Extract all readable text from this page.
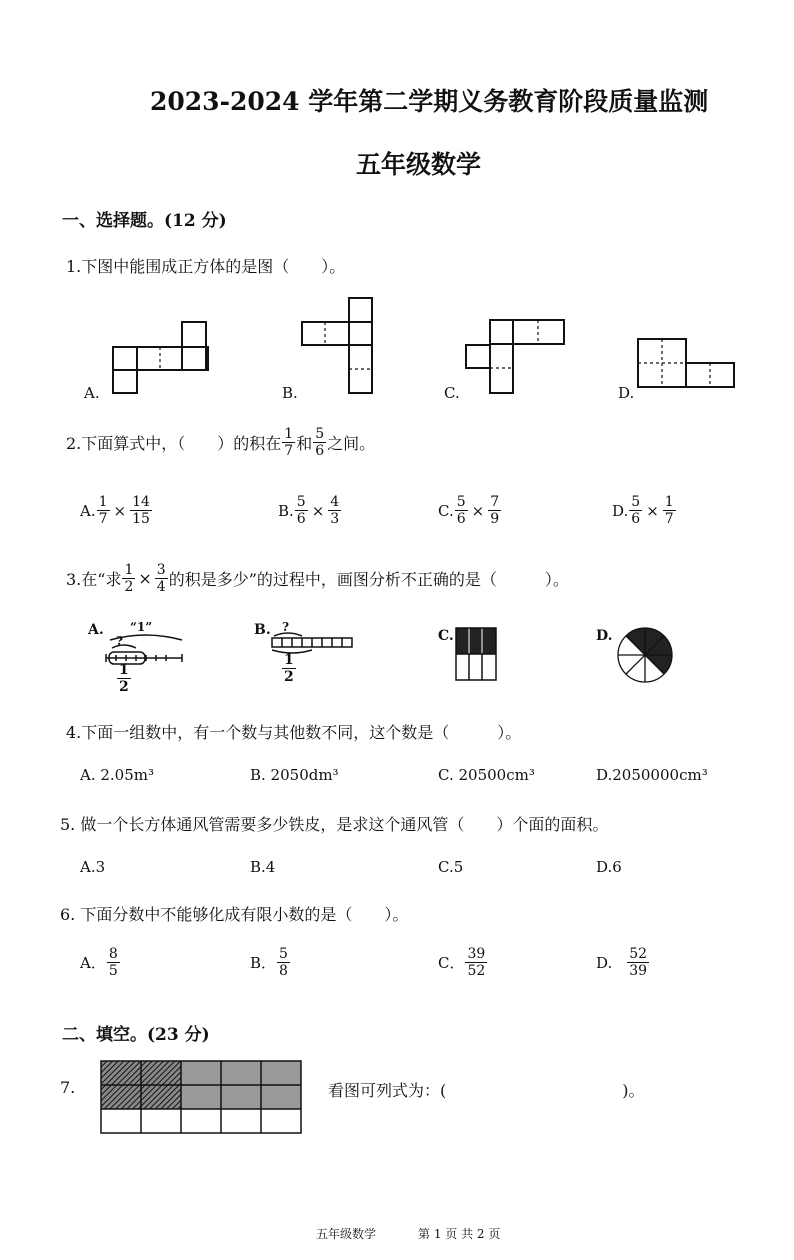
2023-2024 学年第二学期义务教育阶段质量监测
五年级数学
一、选择题。(12 分)
1.下图中能围成正方体的是图（　　）。
A.	B.	C.	D.
2.下面算式中，（　　）的积在 $\frac{1}{7}$ 和 $\frac{5}{6}$ 之间。
A. $\frac{1}{7} \times \frac{14}{15}$	B. $\frac{5}{6} \times \frac{4}{3}$	C. $\frac{5}{6} \times \frac{7}{9}$	D. $\frac{5}{6} \times \frac{1}{7}$
3.在“求 $\frac{1}{2} \times \frac{3}{4}$ 的积是多少”的过程中，画图分析不正确的是（　　　）。
A. “1”
?
$\frac{1}{2}$
B. ?
$\frac{1}{2}$
C.	D.
4.下面一组数中，有一个数与其他数不同，这个数是（　　　）。
A. 2.05m³	B. 2050dm³	C. 20500cm³	D.2050000cm³
5. 做一个长方体通风管需要多少铁皮，是求这个通风管（　　）个面的面积。
A.3	B.4	C.5	D.6
6. 下面分数中不能够化成有限小数的是（　　）。
A． $\frac{8}{5}$	B． $\frac{5}{8}$	C． $\frac{39}{52}$	D. $\frac{52}{39}$
二、填空。(23 分)
7.	看图可列式为：(　　　　　　　　　　　)。
五年级数学	第 1 页 共 2 页
